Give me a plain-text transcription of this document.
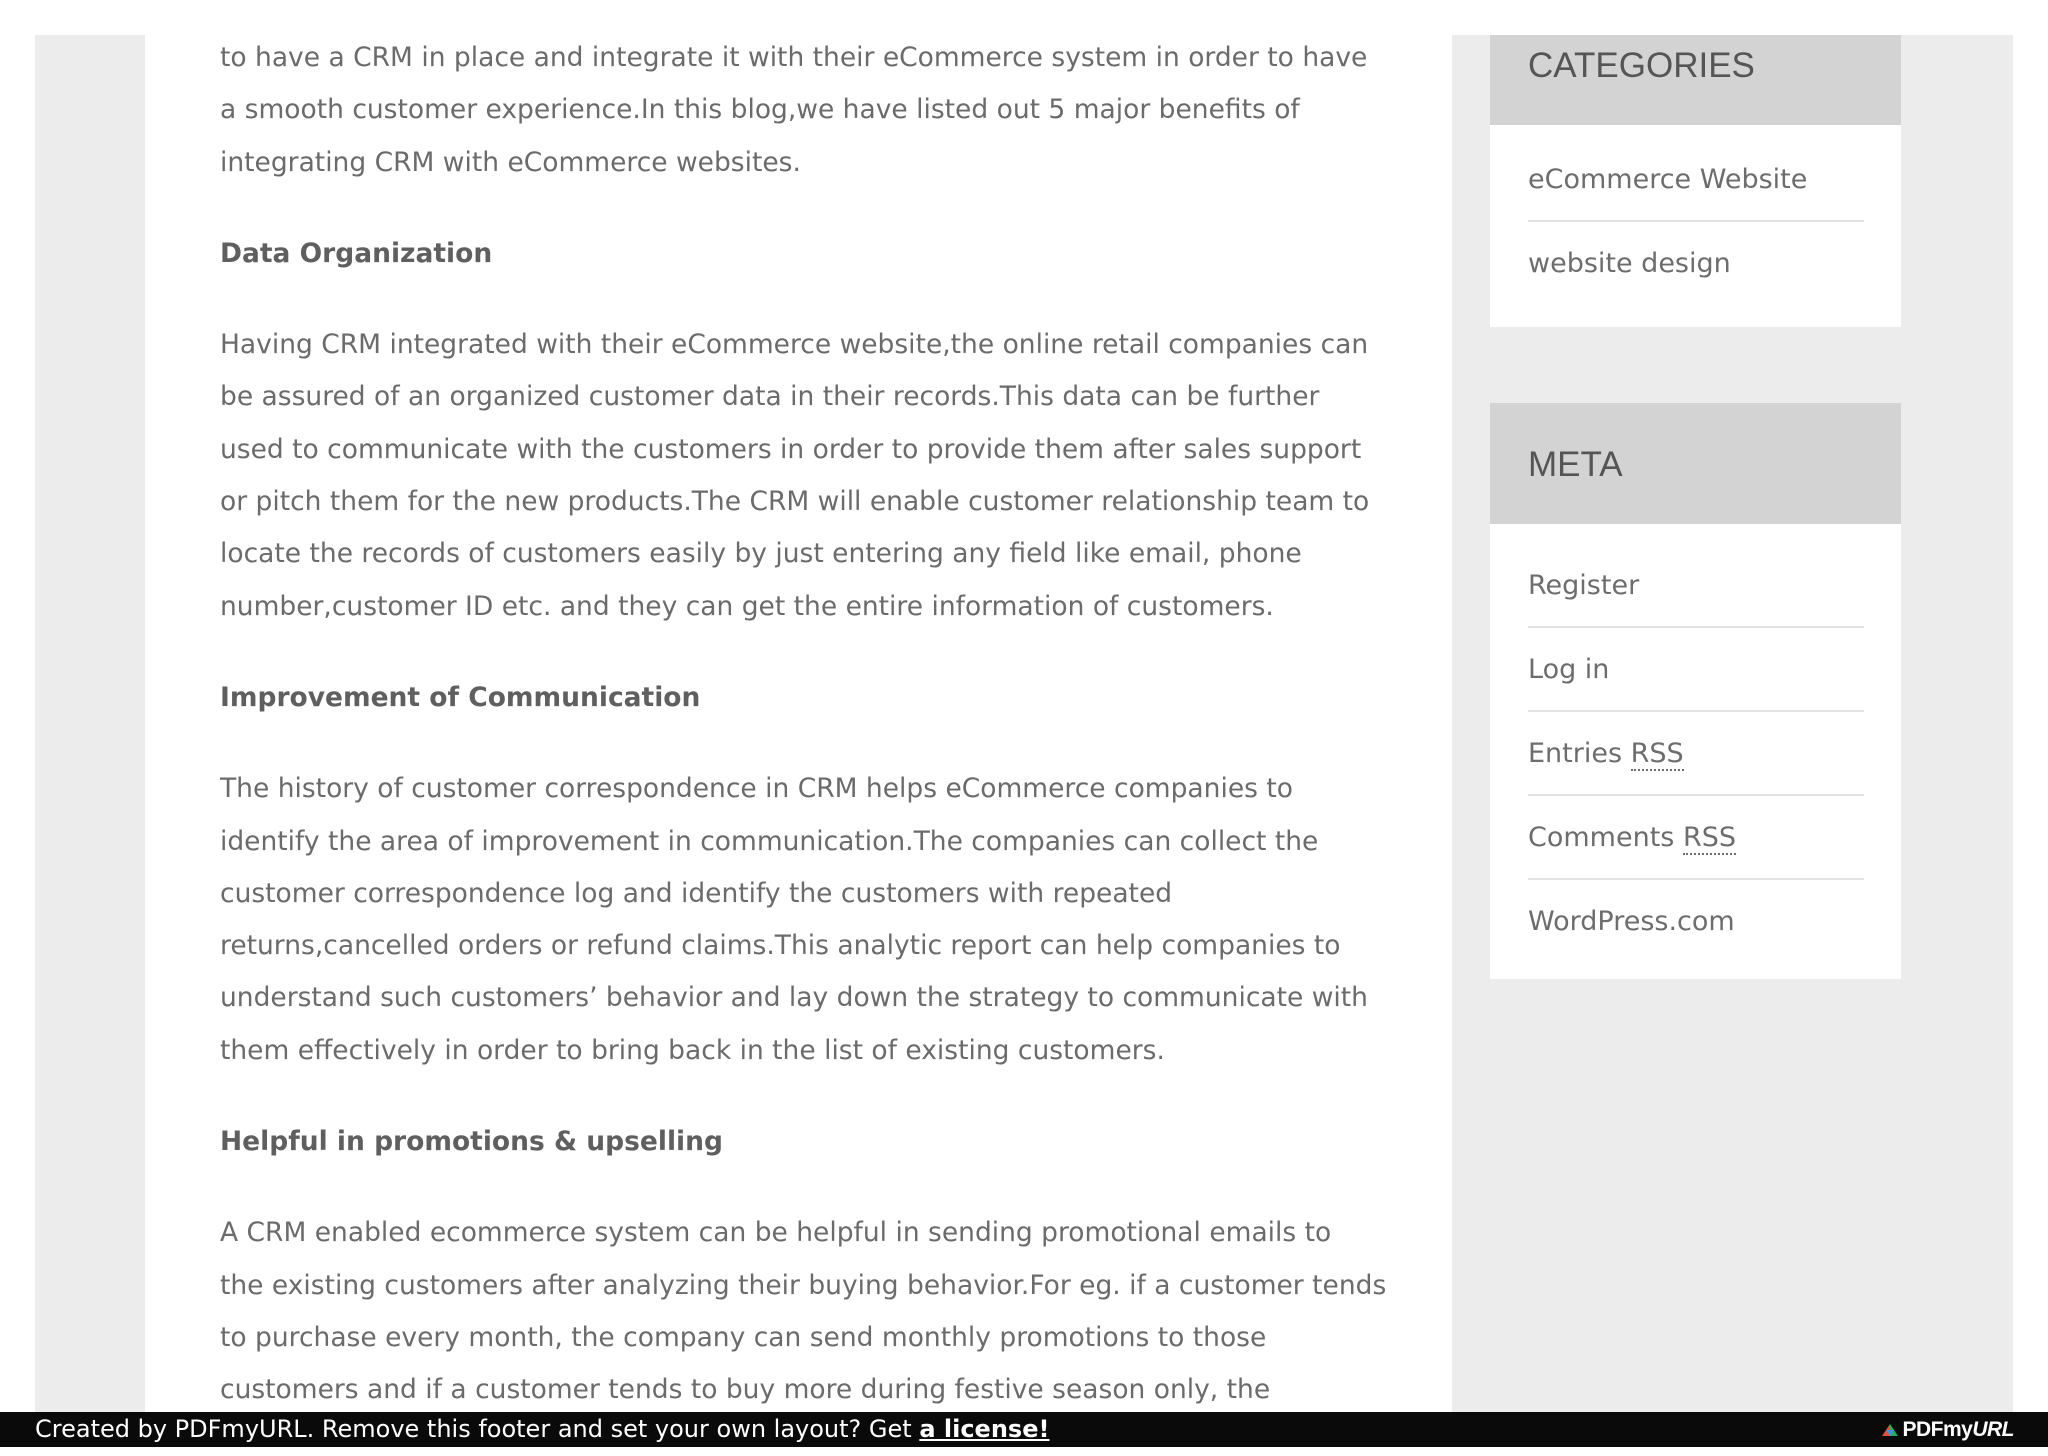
to have a CRM in place and integrate it with their eCommerce system in order to have
a smooth customer experience.In this blog,we have listed out 5 major benefits of
integrating CRM with eCommerce websites.

Data Organization

Having CRM integrated with their eCommerce website,the online retail companies can
be assured of an organized customer data in their records.This data can be further
used to communicate with the customers in order to provide them after sales support
or pitch them for the new products.The CRM will enable customer relationship team to
locate the records of customers easily by just entering any field like email, phone
number,customer ID etc. and they can get the entire information of customers.

Improvement of Communication

The history of customer correspondence in CRM helps eCommerce companies to
identify the area of improvement in communication.The companies can collect the
customer correspondence log and identify the customers with repeated
returns,cancelled orders or refund claims.This analytic report can help companies to
understand such customers’ behavior and lay down the strategy to communicate with
them effectively in order to bring back in the list of existing customers.

Helpful in promotions & upselling

A CRM enabled ecommerce system can be helpful in sending promotional emails to
the existing customers after analyzing their buying behavior.For eg. if a customer tends
to purchase every month, the company can send monthly promotions to those
customers and if a customer tends to buy more during festive season only, the

CATEGORIES
eCommerce Website
website design
META
Register
Log in
Entries RSS
Comments RSS
WordPress.com
Created by PDFmyURL. Remove this footer and set your own layout? Get a license!	PDFmyURL
